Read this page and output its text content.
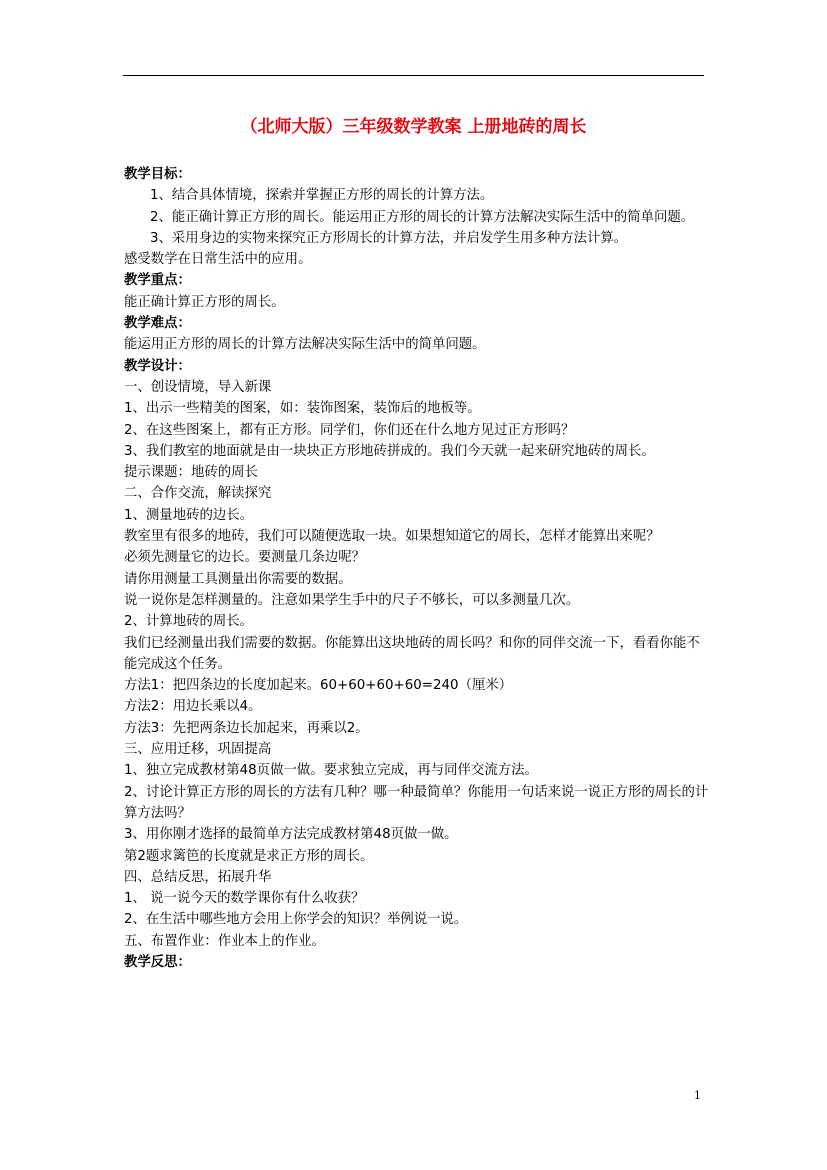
（北师大版）三年级数学教案 上册地砖的周长
教学目标：
1、结合具体情境，探索并掌握正方形的周长的计算方法。
2、能正确计算正方形的周长。能运用正方形的周长的计算方法解决实际生活中的简单问题。
3、采用身边的实物来探究正方形周长的计算方法，并启发学生用多种方法计算。
感受数学在日常生活中的应用。
教学重点：
能正确计算正方形的周长。
教学难点：
能运用正方形的周长的计算方法解决实际生活中的简单问题。
教学设计：
一、创设情境，导入新课
1、出示一些精美的图案，如：装饰图案，装饰后的地板等。
2、在这些图案上，都有正方形。同学们，你们还在什么地方见过正方形吗？
3、我们教室的地面就是由一块块正方形地砖拼成的。我们今天就一起来研究地砖的周长。
提示课题：地砖的周长
二、合作交流，解读探究
1、测量地砖的边长。
教室里有很多的地砖，我们可以随便选取一块。如果想知道它的周长，怎样才能算出来呢？
必须先测量它的边长。要测量几条边呢？
请你用测量工具测量出你需要的数据。
说一说你是怎样测量的。注意如果学生手中的尺子不够长，可以多测量几次。
2、计算地砖的周长。
我们已经测量出我们需要的数据。你能算出这块地砖的周长吗？和你的同伴交流一下，看看你能不能完成这个任务。
方法1：把四条边的长度加起来。60+60+60+60=240（厘米）
方法2：用边长乘以4。
方法3：先把两条边长加起来，再乘以2。
三、应用迁移，巩固提高
1、独立完成教材第48页做一做。要求独立完成，再与同伴交流方法。
2、讨论计算正方形的周长的方法有几种？哪一种最简单？你能用一句话来说一说正方形的周长的计算方法吗？
3、用你刚才选择的最简单方法完成教材第48页做一做。
第2题求篱笆的长度就是求正方形的周长。
四、总结反思，拓展升华
1、 说一说今天的数学课你有什么收获？
2、在生活中哪些地方会用上你学会的知识？举例说一说。
五、布置作业：作业本上的作业。
教学反思：
1
